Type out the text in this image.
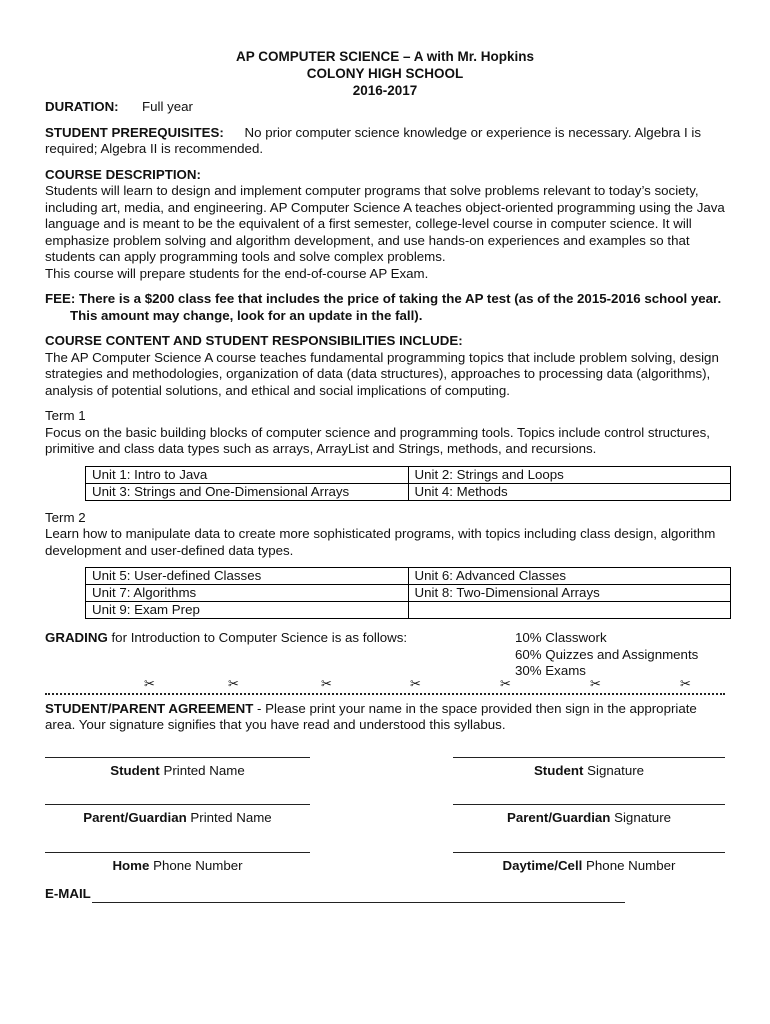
AP COMPUTER SCIENCE – A with Mr. Hopkins
COLONY HIGH SCHOOL
2016-2017
DURATION:	Full year

STUDENT PREREQUISITES: No prior computer science knowledge or experience is necessary. Algebra I is required; Algebra II is recommended.

COURSE DESCRIPTION:

Students will learn to design and implement computer programs that solve problems relevant to today’s society, including art, media, and engineering. AP Computer Science A teaches object-oriented programming using the Java language and is meant to be the equivalent of a first semester, college-level course in computer science. It will emphasize problem solving and algorithm development, and use hands-on experiences and examples so that students can apply programming tools and solve complex problems.

This course will prepare students for the end-of-course AP Exam.

FEE: There is a $200 class fee that includes the price of taking the AP test (as of the 2015-2016 school year. This amount may change, look for an update in the fall).

COURSE CONTENT AND STUDENT RESPONSIBILITIES INCLUDE:

The AP Computer Science A course teaches fundamental programming topics that include problem solving, design strategies and methodologies, organization of data (data structures), approaches to processing data (algorithms), analysis of potential solutions, and ethical and social implications of computing.

Term 1

Focus on the basic building blocks of computer science and programming tools. Topics include control structures, primitive and class data types such as arrays, ArrayList and Strings, methods, and recursions.

Unit 1: Intro to Java	Unit 2: Strings and Loops
Unit 3: Strings and One-Dimensional Arrays	Unit 4: Methods
Term 2

Learn how to manipulate data to create more sophisticated programs, with topics including class design, algorithm development and user-defined data types.

Unit 5: User-defined Classes	Unit 6: Advanced Classes
Unit 7: Algorithms	Unit 8: Two-Dimensional Arrays
Unit 9: Exam Prep	
GRADING for Introduction to Computer Science is as follows:	10% Classwork
60% Quizzes and Assignments
30% Exams
✂	✂	✂	✂	✂	✂	✂

STUDENT/PARENT AGREEMENT - Please print your name in the space provided then sign in the appropriate area. Your signature signifies that you have read and understood this syllabus.

Student Printed Name	Student Signature
Parent/Guardian Printed Name	Parent/Guardian Signature
Home Phone Number	Daytime/Cell Phone Number
E-MAIL
